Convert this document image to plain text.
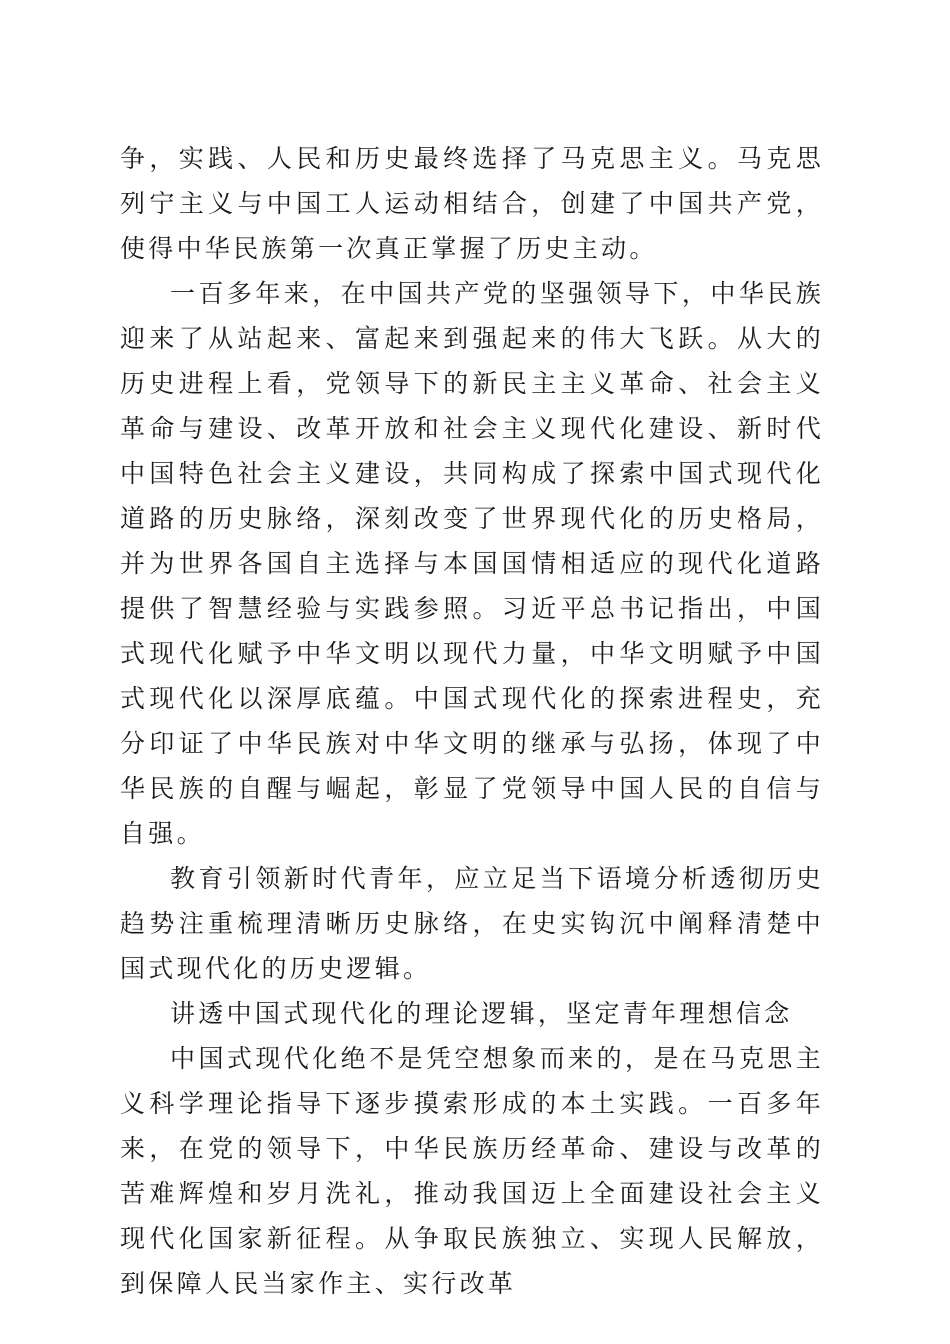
争，实践、人民和历史最终选择了马克思主义。马克思列宁主义与中国工人运动相结合，创建了中国共产党，使得中华民族第一次真正掌握了历史主动。

一百多年来，在中国共产党的坚强领导下，中华民族迎来了从站起来、富起来到强起来的伟大飞跃。从大的历史进程上看，党领导下的新民主主义革命、社会主义革命与建设、改革开放和社会主义现代化建设、新时代中国特色社会主义建设，共同构成了探索中国式现代化道路的历史脉络，深刻改变了世界现代化的历史格局，并为世界各国自主选择与本国国情相适应的现代化道路提供了智慧经验与实践参照。习近平总书记指出，中国式现代化赋予中华文明以现代力量，中华文明赋予中国式现代化以深厚底蕴。中国式现代化的探索进程史，充分印证了中华民族对中华文明的继承与弘扬，体现了中华民族的自醒与崛起，彰显了党领导中国人民的自信与自强。

教育引领新时代青年，应立足当下语境分析透彻历史趋势注重梳理清晰历史脉络，在史实钩沉中阐释清楚中国式现代化的历史逻辑。

讲透中国式现代化的理论逻辑，坚定青年理想信念

中国式现代化绝不是凭空想象而来的，是在马克思主义科学理论指导下逐步摸索形成的本土实践。一百多年来，在党的领导下，中华民族历经革命、建设与改革的苦难辉煌和岁月洗礼，推动我国迈上全面建设社会主义现代化国家新征程。从争取民族独立、实现人民解放，到保障人民当家作主、实行改革
